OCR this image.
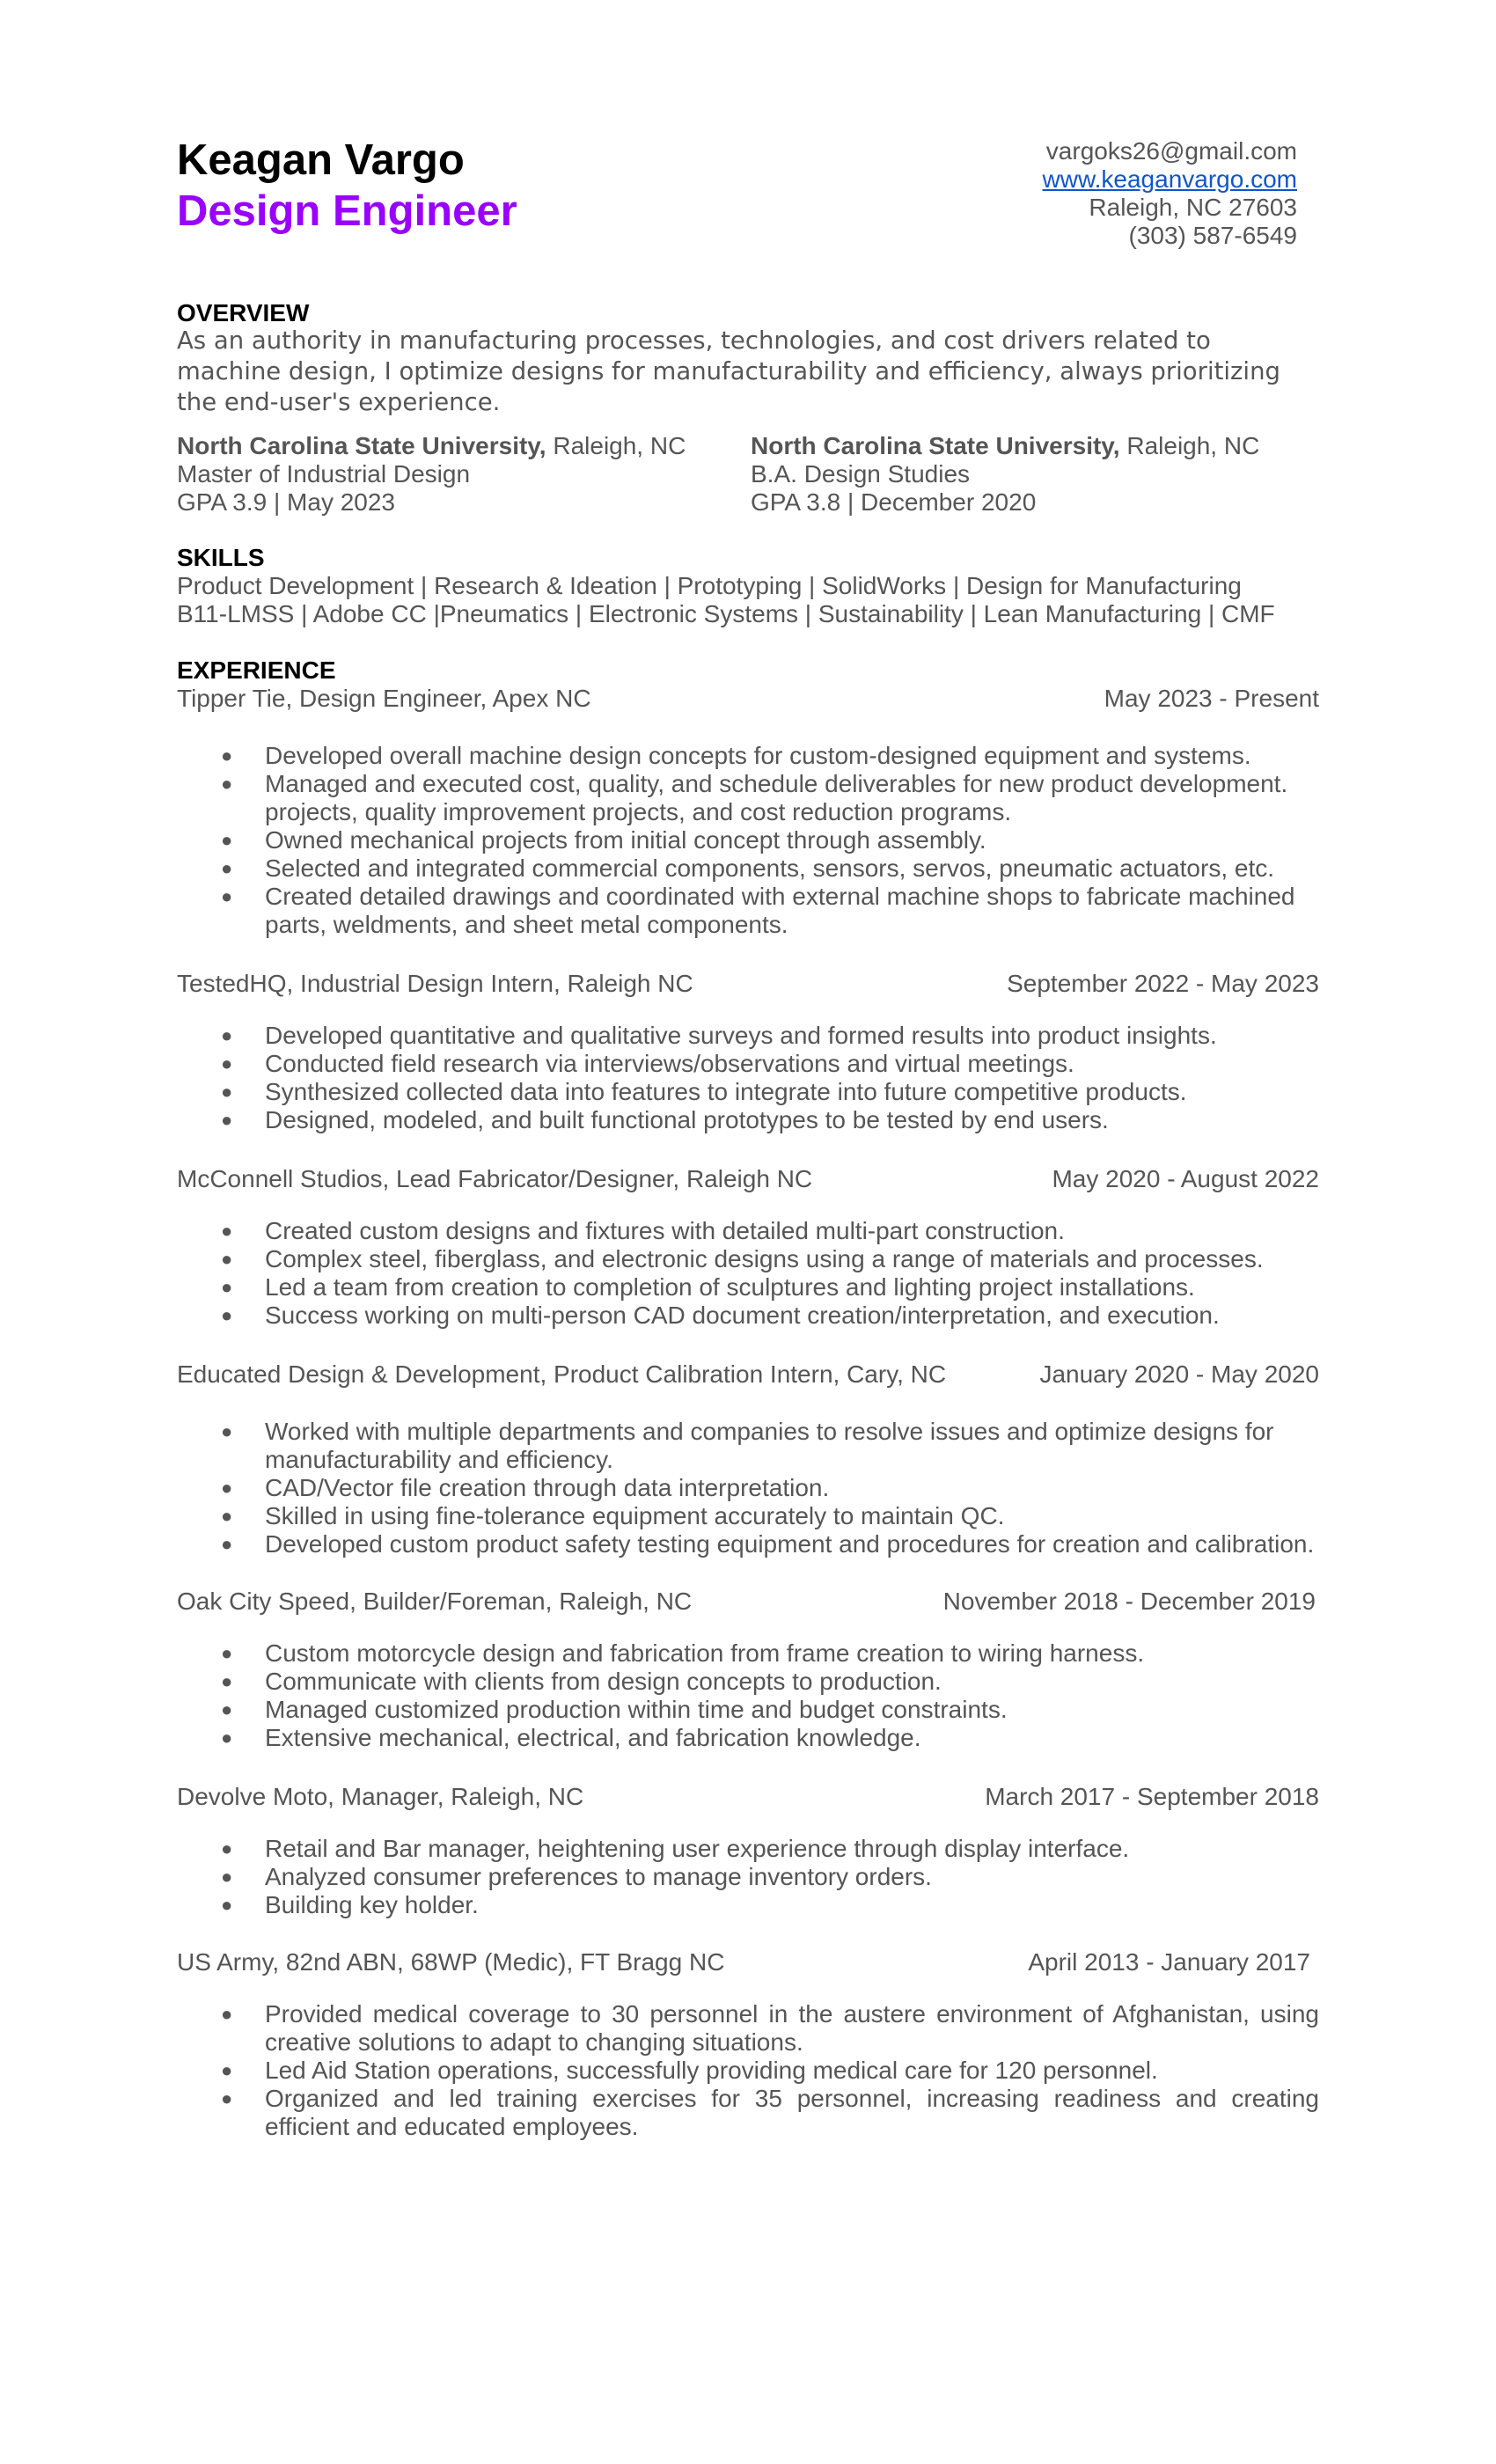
Keagan Vargo
Design Engineer
vargoks26@gmail.com
www.keaganvargo.com
Raleigh, NC 27603
(303) 587-6549
OVERVIEW

As an authority in manufacturing processes, technologies, and cost drivers related to machine design, I optimize designs for manufacturability and efficiency, always prioritizing the end-user's experience.

North Carolina State University, Raleigh, NC
Master of Industrial Design
GPA 3.9 | May 2023
North Carolina State University, Raleigh, NC
B.A. Design Studies
GPA 3.8 | December 2020
SKILLS
Product Development | Research & Ideation | Prototyping | SolidWorks | Design for Manufacturing
B11-LMSS | Adobe CC |Pneumatics | Electronic Systems | Sustainability | Lean Manufacturing | CMF
EXPERIENCE
Tipper Tie, Design Engineer, Apex NC	May 2023 - Present
● Developed overall machine design concepts for custom-designed equipment and systems.
● Managed and executed cost, quality, and schedule deliverables for new product development. projects, quality improvement projects, and cost reduction programs.
● Owned mechanical projects from initial concept through assembly.
● Selected and integrated commercial components, sensors, servos, pneumatic actuators, etc.
● Created detailed drawings and coordinated with external machine shops to fabricate machined parts, weldments, and sheet metal components.
TestedHQ, Industrial Design Intern, Raleigh NC	September 2022 - May 2023
● Developed quantitative and qualitative surveys and formed results into product insights.
● Conducted field research via interviews/observations and virtual meetings.
● Synthesized collected data into features to integrate into future competitive products.
● Designed, modeled, and built functional prototypes to be tested by end users.
McConnell Studios, Lead Fabricator/Designer, Raleigh NC	May 2020 - August 2022
● Created custom designs and fixtures with detailed multi-part construction.
● Complex steel, fiberglass, and electronic designs using a range of materials and processes.
● Led a team from creation to completion of sculptures and lighting project installations.
● Success working on multi-person CAD document creation/interpretation, and execution.
Educated Design & Development, Product Calibration Intern, Cary, NC	January 2020 - May 2020
● Worked with multiple departments and companies to resolve issues and optimize designs for manufacturability and efficiency.
● CAD/Vector file creation through data interpretation.
● Skilled in using fine-tolerance equipment accurately to maintain QC.
● Developed custom product safety testing equipment and procedures for creation and calibration.
Oak City Speed, Builder/Foreman, Raleigh, NC	November 2018 - December 2019
● Custom motorcycle design and fabrication from frame creation to wiring harness.
● Communicate with clients from design concepts to production.
● Managed customized production within time and budget constraints.
● Extensive mechanical, electrical, and fabrication knowledge.
Devolve Moto, Manager, Raleigh, NC	March 2017 - September 2018
● Retail and Bar manager, heightening user experience through display interface.
● Analyzed consumer preferences to manage inventory orders.
● Building key holder.
US Army, 82nd ABN, 68WP (Medic), FT Bragg NC	April 2013 - January 2017
● Provided medical coverage to 30 personnel in the austere environment of Afghanistan, using creative solutions to adapt to changing situations.
● Led Aid Station operations, successfully providing medical care for 120 personnel.
● Organized and led training exercises for 35 personnel, increasing readiness and creating efficient and educated employees.
